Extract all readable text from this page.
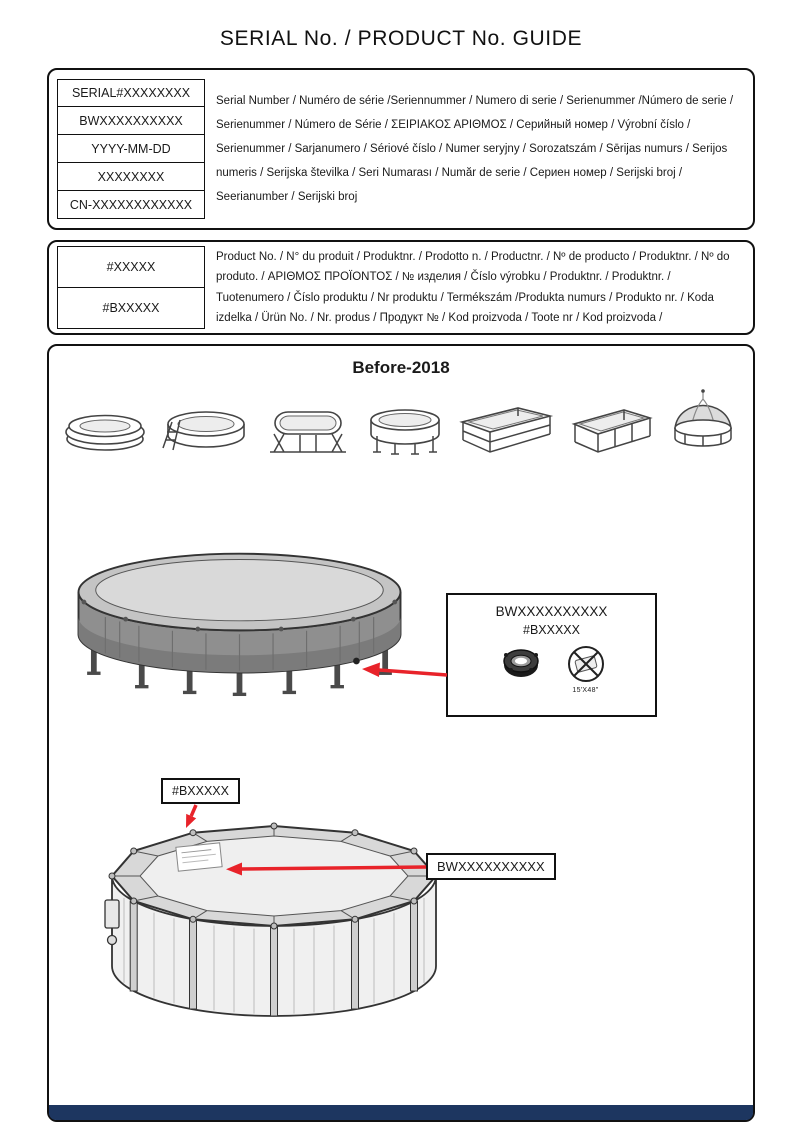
SERIAL No. / PRODUCT No. GUIDE
SERIAL#XXXXXXXX
BWXXXXXXXXXX
YYYY-MM-DD
XXXXXXXX
CN-XXXXXXXXXXXX
Serial Number / Numéro de série /Seriennummer / Numero di serie / Serienummer /Número de serie / Serienummer / Número de Série / ΣΕΙΡΙΑΚΟΣ ΑΡΙΘΜΟΣ / Серийный номер / Výrobní číslo / Serienummer / Sarjanumero / Sériové číslo / Numer seryjny / Sorozatszám / Sērijas numurs / Serijos numeris / Serijska številka / Seri Numarası / Număr de serie / Сериен номер / Serijski broj / Seerianumber / Serijski broj
#XXXXX
#BXXXXX
Product No. / N° du produit / Produktnr. / Prodotto n. / Productnr. / Nº de producto / Produktnr. / Nº do produto. / ΑΡΙΘΜΟΣ ΠΡΟΪΟΝΤΟΣ / № изделия / Číslo výrobku / Produktnr. / Produktnr. / Tuotenumero / Číslo produktu / Nr produktu / Termékszám /Produkta numurs / Produkto nr. / Koda izdelka / Ürün No. / Nr. produs / Продукт № / Kod proizvoda / Toote nr / Kod proizvoda /
Before-2018
BWXXXXXXXXXX
#BXXXXX
15'X48"
#BXXXXX
BWXXXXXXXXXX
